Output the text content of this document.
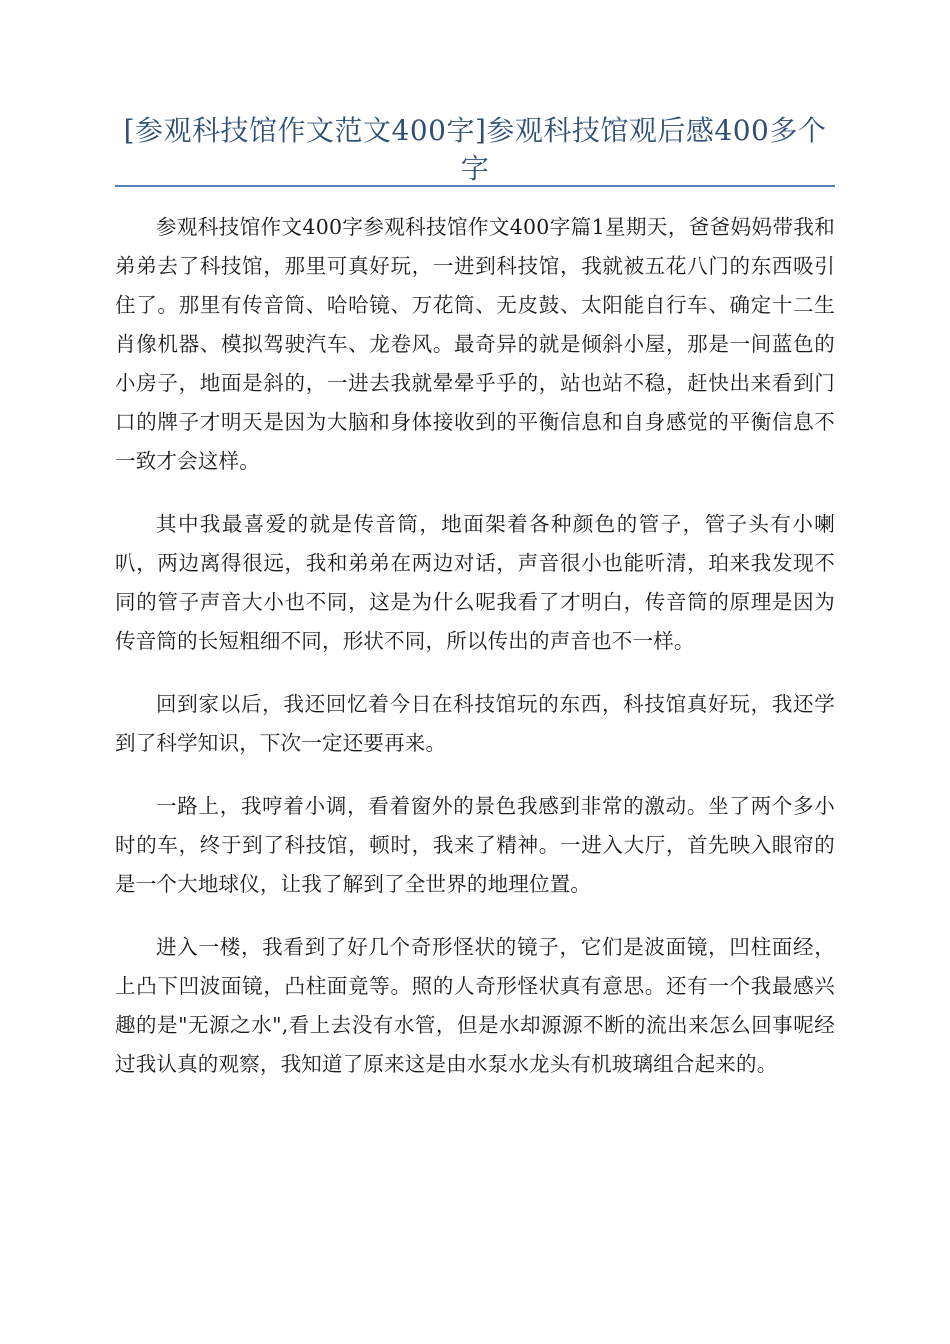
[参观科技馆作文范文400字]参观科技馆观后感400多个字

参观科技馆作文400字参观科技馆作文400字篇1星期天，爸爸妈妈带我和弟弟去了科技馆，那里可真好玩，一进到科技馆，我就被五花八门的东西吸引住了。那里有传音筒、哈哈镜、万花筒、无皮鼓、太阳能自行车、确定十二生肖像机器、模拟驾驶汽车、龙卷风。最奇异的就是倾斜小屋，那是一间蓝色的小房子，地面是斜的，一进去我就晕晕乎乎的，站也站不稳，赶快出来看到门口的牌子才明天是因为大脑和身体接收到的平衡信息和自身感觉的平衡信息不一致才会这样。

其中我最喜爱的就是传音筒，地面架着各种颜色的管子，管子头有小喇叭，两边离得很远，我和弟弟在两边对话，声音很小也能听清，珀来我发现不同的管子声音大小也不同，这是为什么呢我看了才明白，传音筒的原理是因为传音筒的长短粗细不同，形状不同，所以传出的声音也不一样。

回到家以后，我还回忆着今日在科技馆玩的东西，科技馆真好玩，我还学到了科学知识，下次一定还要再来。

一路上，我哼着小调，看着窗外的景色我感到非常的激动。坐了两个多小时的车，终于到了科技馆，顿时，我来了精神。一进入大厅，首先映入眼帘的是一个大地球仪，让我了解到了全世界的地理位置。

进入一楼，我看到了好几个奇形怪状的镜子，它们是波面镜，凹柱面经，上凸下凹波面镜，凸柱面竟等。照的人奇形怪状真有意思。还有一个我最感兴趣的是"无源之水",看上去没有水管，但是水却源源不断的流出来怎么回事呢经过我认真的观察，我知道了原来这是由水泵水龙头有机玻璃组合起来的。
